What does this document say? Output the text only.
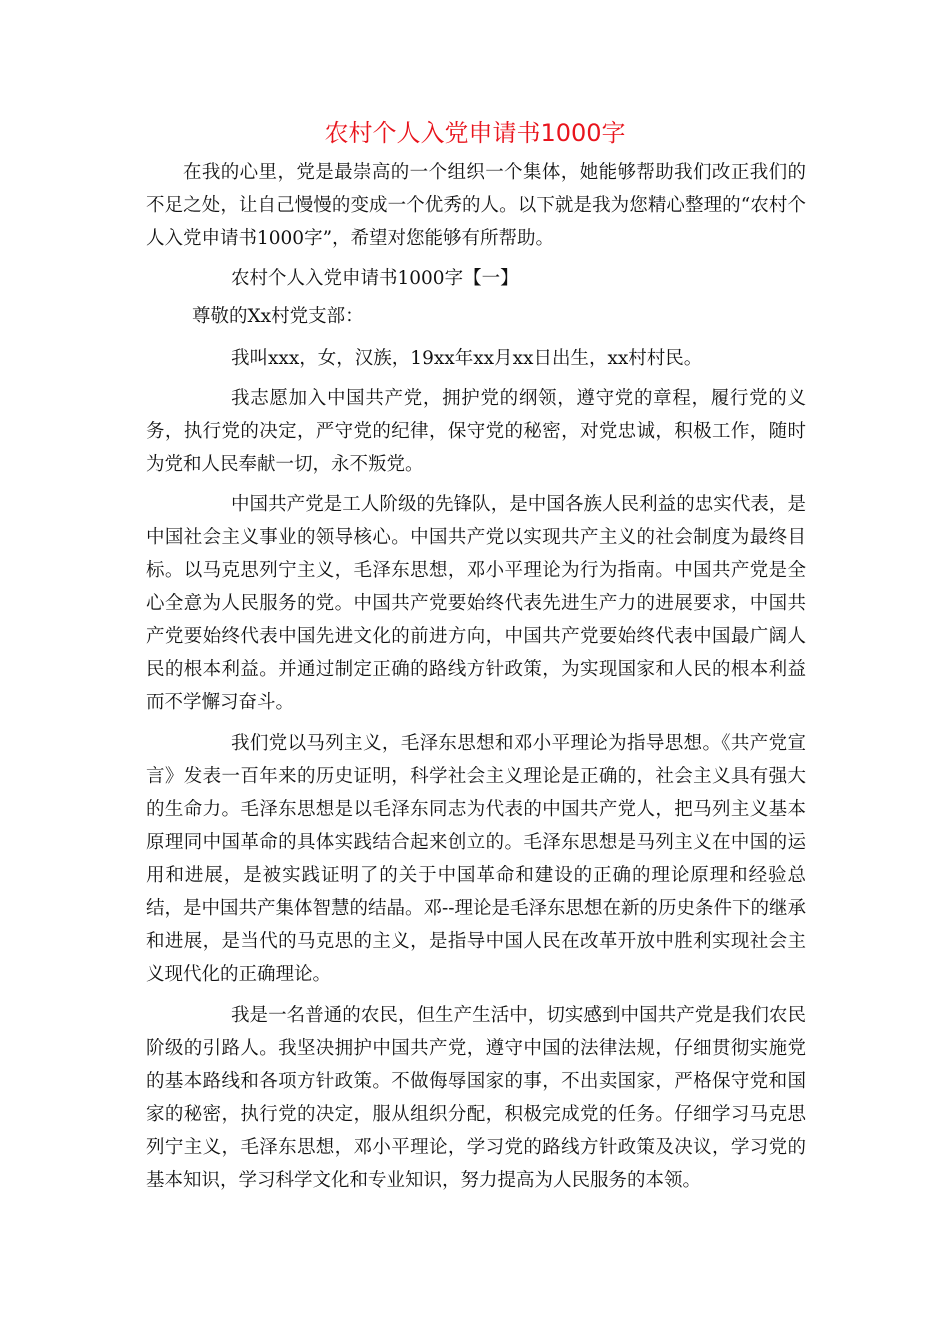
农村个人入党申请书1000字

在我的心里，党是最崇高的一个组织一个集体，她能够帮助我们改正我们的不足之处，让自己慢慢的变成一个优秀的人。以下就是我为您精心整理的“农村个人入党申请书1000字”，希望对您能够有所帮助。

农村个人入党申请书1000字【一】

尊敬的Xx村党支部：

我叫xxx，女，汉族，19xx年xx月xx日出生，xx村村民。

我志愿加入中国共产党，拥护党的纲领，遵守党的章程，履行党的义务，执行党的决定，严守党的纪律，保守党的秘密，对党忠诚，积极工作，随时为党和人民奉献一切，永不叛党。

中国共产党是工人阶级的先锋队，是中国各族人民利益的忠实代表，是中国社会主义事业的领导核心。中国共产党以实现共产主义的社会制度为最终目标。以马克思列宁主义，毛泽东思想，邓小平理论为行为指南。中国共产党是全心全意为人民服务的党。中国共产党要始终代表先进生产力的进展要求，中国共产党要始终代表中国先进文化的前进方向，中国共产党要始终代表中国最广阔人民的根本利益。并通过制定正确的路线方针政策，为实现国家和人民的根本利益而不学懈习奋斗。

我们党以马列主义，毛泽东思想和邓小平理论为指导思想。《共产党宣言》发表一百年来的历史证明，科学社会主义理论是正确的，社会主义具有强大的生命力。毛泽东思想是以毛泽东同志为代表的中国共产党人，把马列主义基本原理同中国革命的具体实践结合起来创立的。毛泽东思想是马列主义在中国的运用和进展，是被实践证明了的关于中国革命和建设的正确的理论原理和经验总结，是中国共产集体智慧的结晶。邓--理论是毛泽东思想在新的历史条件下的继承和进展，是当代的马克思的主义，是指导中国人民在改革开放中胜利实现社会主义现代化的正确理论。

我是一名普通的农民，但生产生活中，切实感到中国共产党是我们农民阶级的引路人。我坚决拥护中国共产党，遵守中国的法律法规，仔细贯彻实施党的基本路线和各项方针政策。不做侮辱国家的事，不出卖国家，严格保守党和国家的秘密，执行党的决定，服从组织分配，积极完成党的任务。仔细学习马克思列宁主义，毛泽东思想，邓小平理论，学习党的路线方针政策及决议，学习党的基本知识，学习科学文化和专业知识，努力提高为人民服务的本领。
